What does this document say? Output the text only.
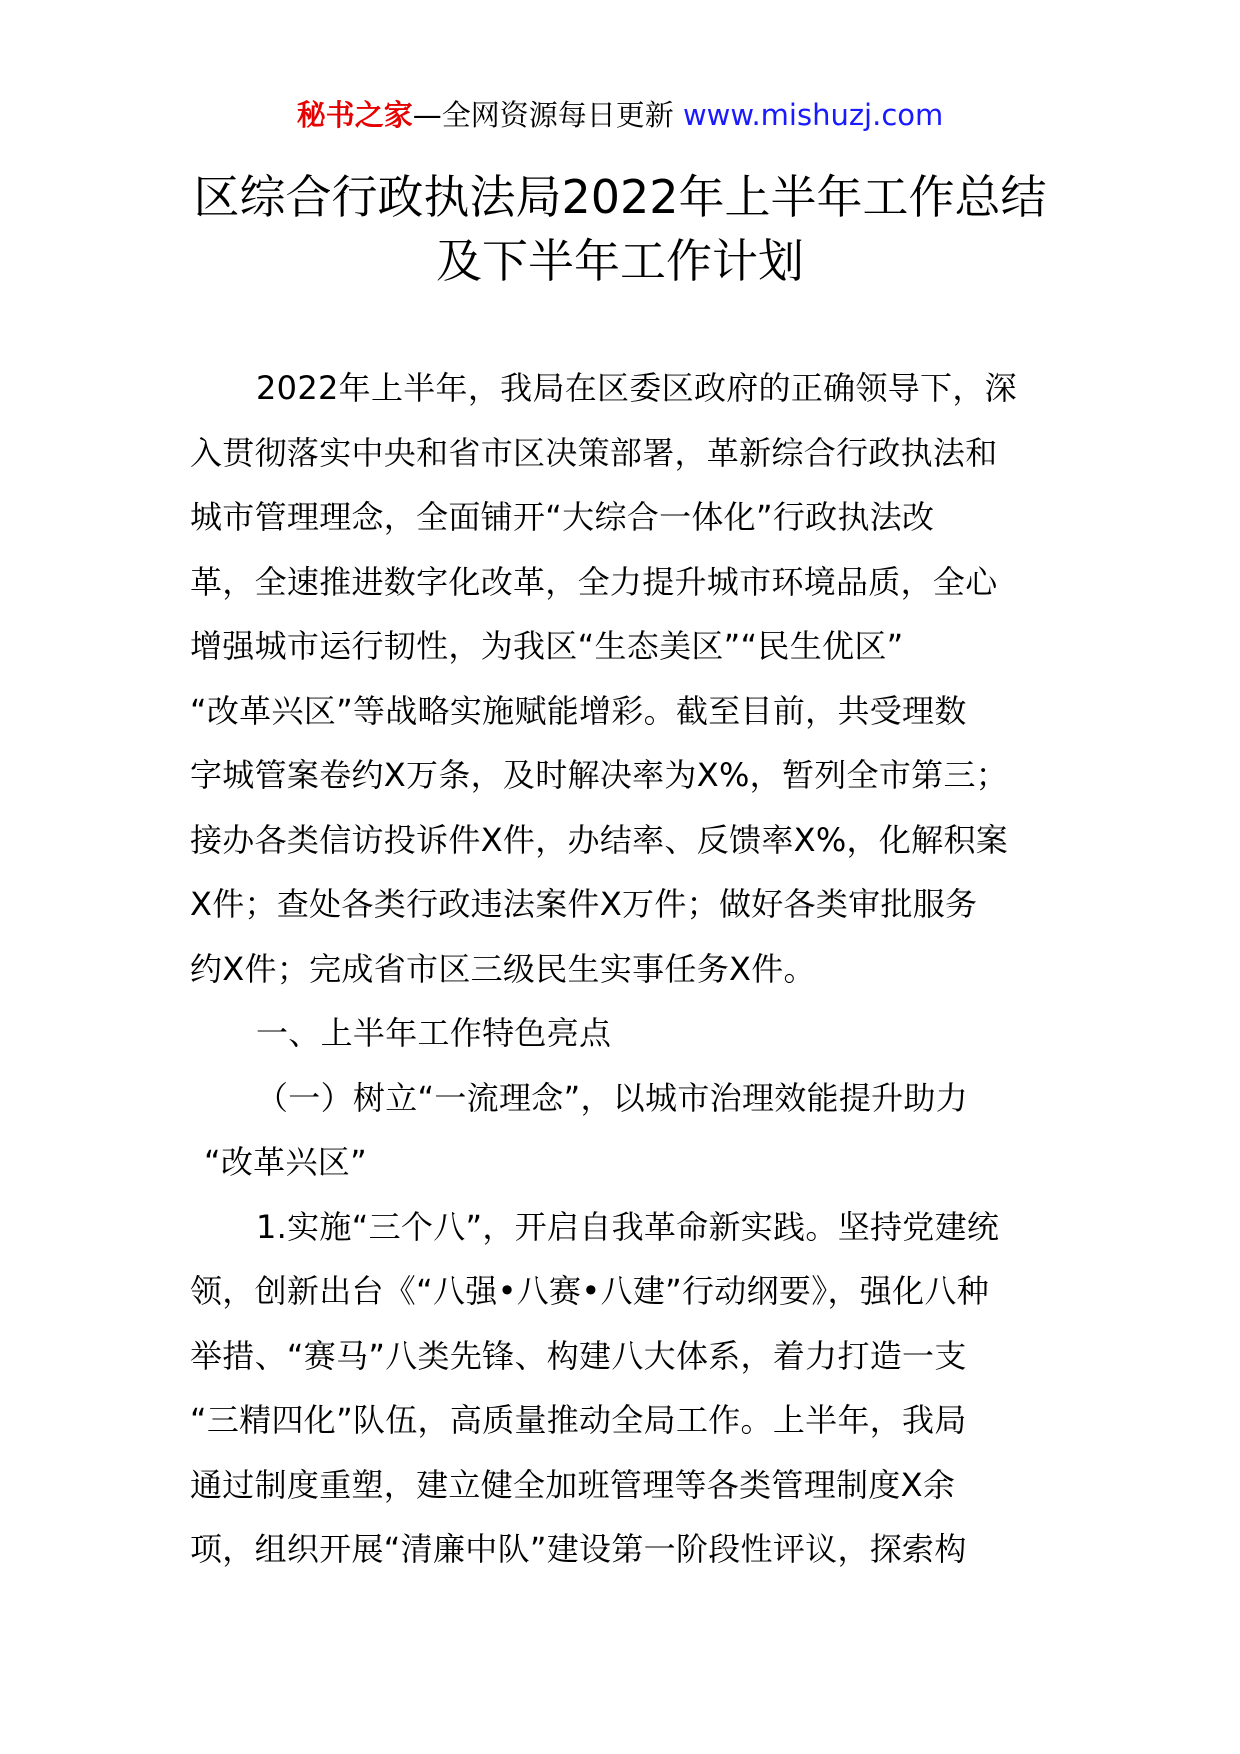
秘书之家—全网资源每日更新 www.mishuzj.com
区综合行政执法局2022年上半年工作总结
及下半年工作计划
2022年上半年，我局在区委区政府的正确领导下，深
入贯彻落实中央和省市区决策部署，革新综合行政执法和
城市管理理念，全面铺开“大综合一体化”行政执法改
革，全速推进数字化改革，全力提升城市环境品质，全心
增强城市运行韧性，为我区“生态美区”“民生优区”
“改革兴区”等战略实施赋能增彩。截至目前，共受理数
字城管案卷约X万条，及时解决率为X%，暂列全市第三；
接办各类信访投诉件X件，办结率、反馈率X%，化解积案
X件；查处各类行政违法案件X万件；做好各类审批服务
约X件；完成省市区三级民生实事任务X件。
一、上半年工作特色亮点
（一）树立“一流理念”，以城市治理效能提升助力
“改革兴区”
1.实施“三个八”，开启自我革命新实践。坚持党建统
领，创新出台《“八强•八赛•八建”行动纲要》，强化八种
举措、“赛马”八类先锋、构建八大体系，着力打造一支
“三精四化”队伍，高质量推动全局工作。上半年，我局
通过制度重塑，建立健全加班管理等各类管理制度X余
项，组织开展“清廉中队”建设第一阶段性评议，探索构
